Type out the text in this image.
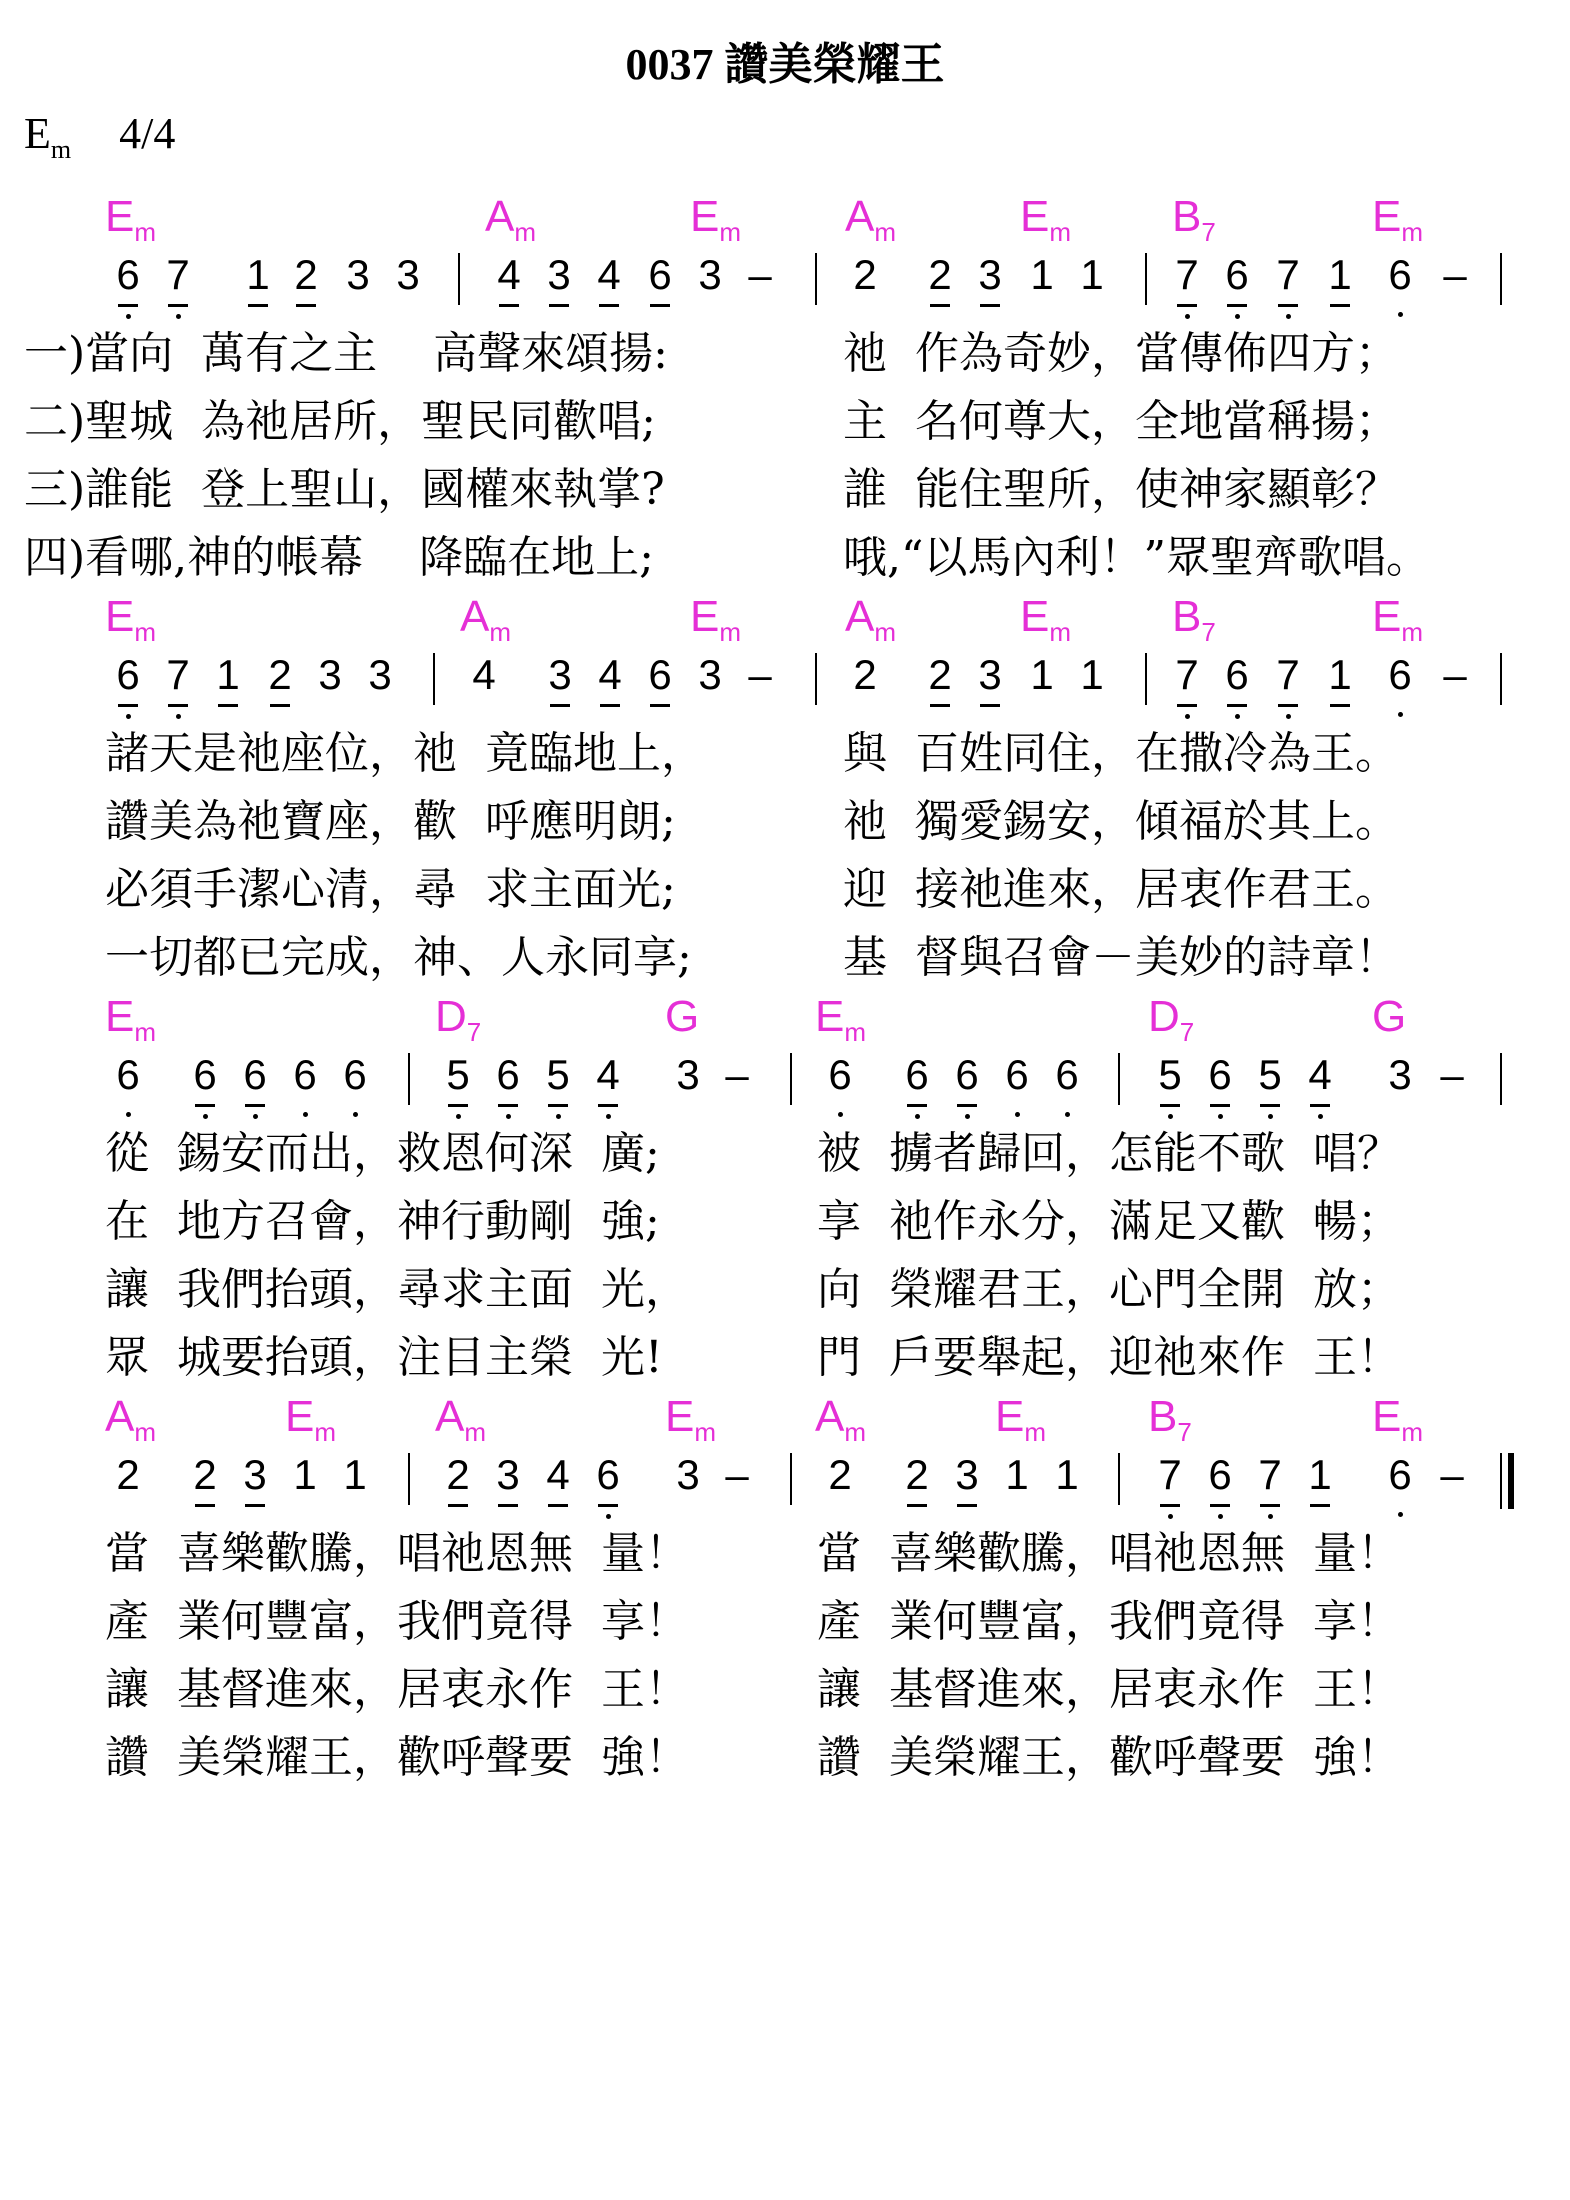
0037 讚美榮耀王
$E_m$ 4/4
$E_m$	$A_m$	$E_m$ $A_m$	$E_m$ $B_7$	$E_m$
6 7 1 2 3 3 4 3 4 6 3 – 2 2 3 1 1 7 6 7 1 6 –
一)當向  萬有之主    高聲來頌揚:
二)聖城  為祂居所，聖民同歡唱;
三)誰能  登上聖山，國權來執掌?
四)看哪,神的帳幕    降臨在地上;
祂  作為奇妙，當傳佈四方；
主  名何尊大，全地當稱揚；
誰  能住聖所，使神家顯彰？
哦,“以馬內利！”眾聖齊歌唱。
$E_m$	$A_m$	$E_m$ $A_m$	$E_m$ $B_7$	$E_m$
6 7 1 2 3 3 4 3 4 6 3 – 2 2 3 1 1 7 6 7 1 6 –
諸天是祂座位，祂  竟臨地上，
讚美為祂寶座，歡  呼應明朗;
必須手潔心清，尋  求主面光;
一切都已完成，神、人永同享;
與  百姓同住，在撒冷為王。
祂  獨愛錫安，傾福於其上。
迎  接祂進來，居衷作君王。
基  督與召會－美妙的詩章！
$E_m$	$D_7$	G	$E_m$	$D_7$	G
6 6 6 6 6 5 6 5 4 3 – 6 6 6 6 6 5 6 5 4 3 –
從  錫安而出，救恩何深  廣;
在  地方召會，神行動剛  強;
讓  我們抬頭，尋求主面  光，
眾  城要抬頭，注目主榮  光!
被  擄者歸回，怎能不歌  唱？
享  祂作永分，滿足又歡  暢；
向  榮耀君王，心門全開  放；
門  戶要舉起，迎祂來作  王！
$A_m$	$E_m$ $A_m$	$E_m$ $A_m$	$E_m$ $B_7$	$E_m$
2 2 3 1 1 2 3 4 6 3 – 2 2 3 1 1 7 6 7 1 6 –
當  喜樂歡騰，唱祂恩無  量！
產  業何豐富，我們竟得  享！
讓  基督進來，居衷永作  王！
讚  美榮耀王，歡呼聲要  強！
當  喜樂歡騰，唱祂恩無  量！
產  業何豐富，我們竟得  享！
讓  基督進來，居衷永作  王！
讚  美榮耀王，歡呼聲要  強！
